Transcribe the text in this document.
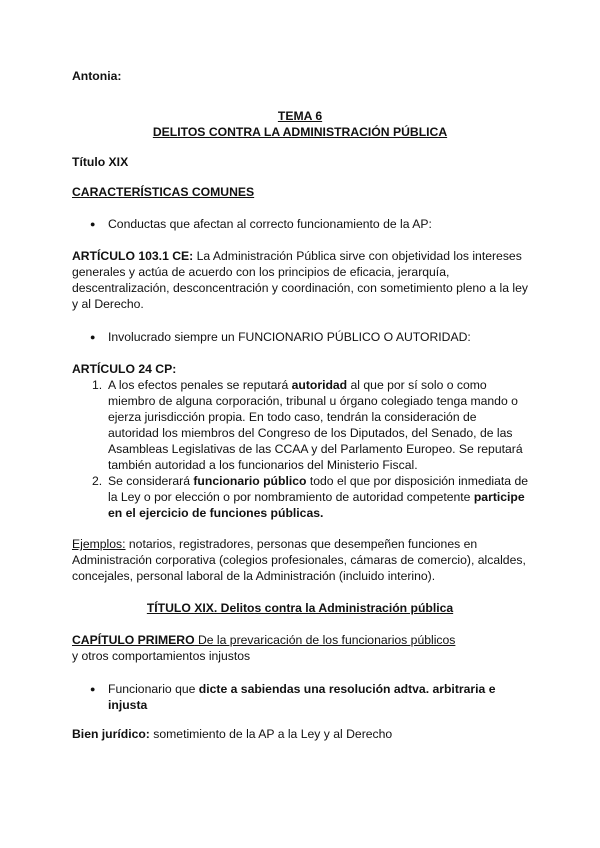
Antonia:
TEMA 6
DELITOS CONTRA LA ADMINISTRACIÓN PÚBLICA
Título XIX
CARACTERÍSTICAS COMUNES
●	Conductas que afectan al correcto funcionamiento de la AP:
ARTÍCULO 103.1 CE: La Administración Pública sirve con objetividad los intereses generales y actúa de acuerdo con los principios de eficacia, jerarquía, descentralización, desconcentración y coordinación, con sometimiento pleno a la ley y al Derecho.
●	Involucrado siempre un FUNCIONARIO PÚBLICO O AUTORIDAD:
ARTÍCULO 24 CP:
1. A los efectos penales se reputará autoridad al que por sí solo o como miembro de alguna corporación, tribunal u órgano colegiado tenga mando o ejerza jurisdicción propia. En todo caso, tendrán la consideración de autoridad los miembros del Congreso de los Diputados, del Senado, de las Asambleas Legislativas de las CCAA y del Parlamento Europeo. Se reputará también autoridad a los funcionarios del Ministerio Fiscal.
2. Se considerará funcionario público todo el que por disposición inmediata de la Ley o por elección o por nombramiento de autoridad competente participe en el ejercicio de funciones públicas.
Ejemplos: notarios, registradores, personas que desempeñen funciones en Administración corporativa (colegios profesionales, cámaras de comercio), alcaldes, concejales, personal laboral de la Administración (incluido interino).
TÍTULO XIX. Delitos contra la Administración pública
CAPÍTULO PRIMERO De la prevaricación de los funcionarios públicos
y otros comportamientos injustos
●	Funcionario que dicte a sabiendas una resolución adtva. arbitraria e injusta
Bien jurídico: sometimiento de la AP a la Ley y al Derecho
